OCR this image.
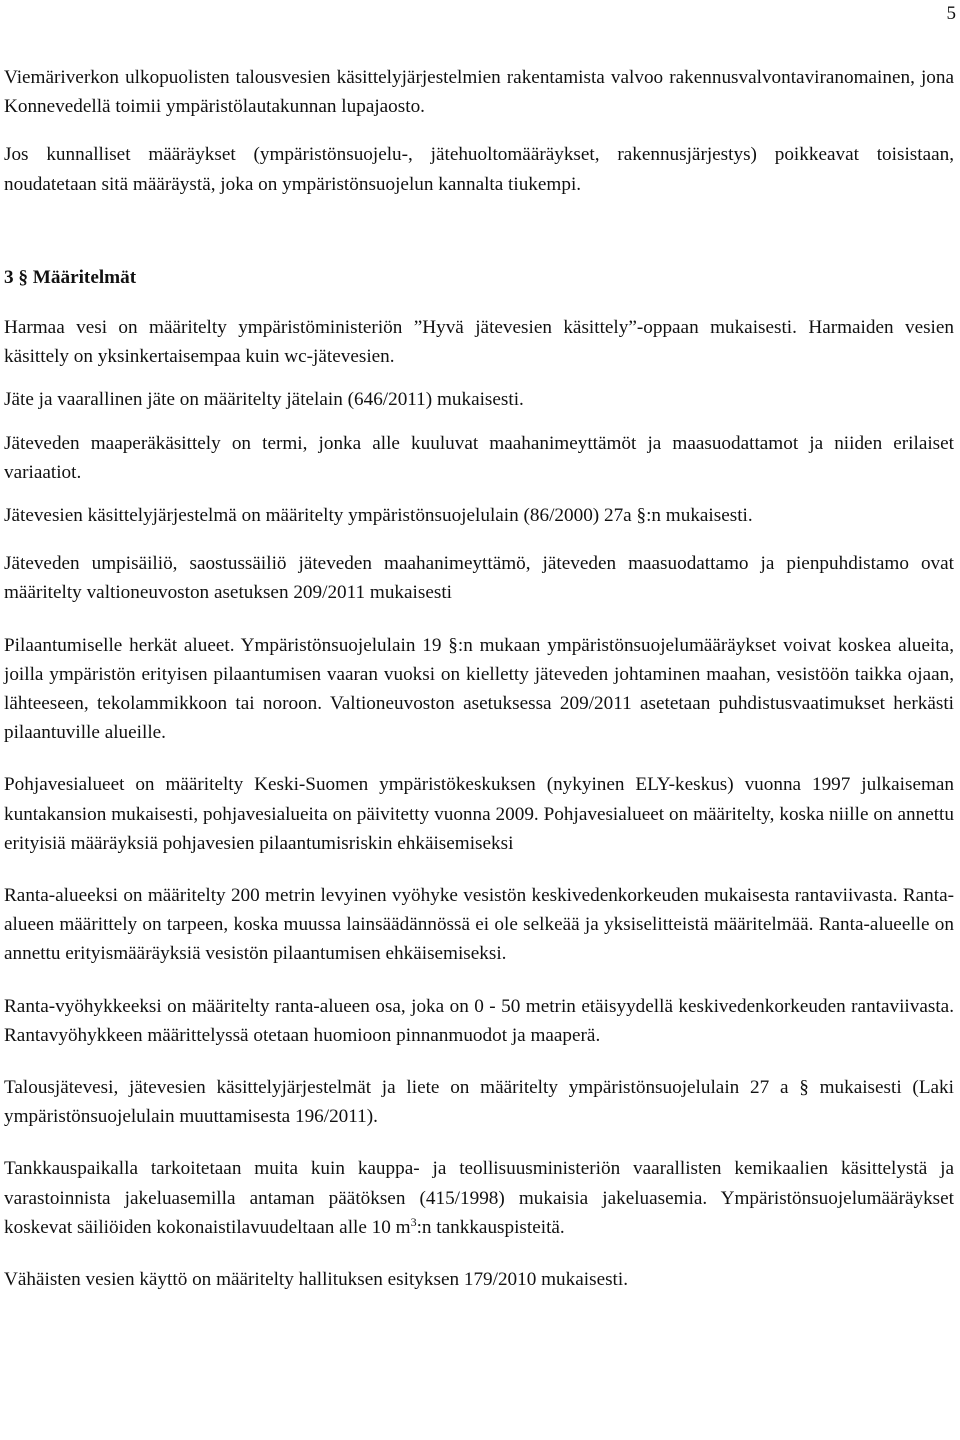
5

Viemäriverkon ulkopuolisten talousvesien käsittelyjärjestelmien rakentamista valvoo rakennusvalvontaviranomainen, jona Konnevedellä toimii ympäristölautakunnan lupajaosto.

Jos kunnalliset määräykset (ympäristönsuojelu-, jätehuoltomääräykset, rakennusjärjestys) poikkeavat toisistaan, noudatetaan sitä määräystä, joka on ympäristönsuojelun kannalta tiukempi.

3 § Määritelmät

Harmaa vesi on määritelty ympäristöministeriön ”Hyvä jätevesien käsittely”-oppaan mukaisesti. Harmaiden vesien käsittely on yksinkertaisempaa kuin wc-jätevesien.

Jäte ja vaarallinen jäte on määritelty jätelain (646/2011) mukaisesti.

Jäteveden maaperäkäsittely on termi, jonka alle kuuluvat maahanimeyttämöt ja maasuodattamot ja niiden erilaiset variaatiot.

Jätevesien käsittelyjärjestelmä on määritelty ympäristönsuojelulain (86/2000) 27a §:n mukaisesti.

Jäteveden umpisäiliö, saostussäiliö jäteveden maahanimeyttämö, jäteveden maasuodattamo ja pienpuhdistamo ovat määritelty valtioneuvoston asetuksen 209/2011 mukaisesti

Pilaantumiselle herkät alueet. Ympäristönsuojelulain 19 §:n mukaan ympäristönsuojelumääräykset voivat koskea alueita, joilla ympäristön erityisen pilaantumisen vaaran vuoksi on kielletty jäteveden johtaminen maahan, vesistöön taikka ojaan, lähteeseen, tekolammikkoon tai noroon. Valtioneuvoston asetuksessa 209/2011 asetetaan puhdistusvaatimukset herkästi pilaantuville alueille.

Pohjavesialueet on määritelty Keski-Suomen ympäristökeskuksen (nykyinen ELY-keskus) vuonna 1997 julkaiseman kuntakansion mukaisesti, pohjavesialueita on päivitetty vuonna 2009. Pohjavesialueet on määritelty, koska niille on annettu erityisiä määräyksiä pohjavesien pilaantumisriskin ehkäisemiseksi

Ranta-alueeksi on määritelty 200 metrin levyinen vyöhyke vesistön keskivedenkorkeuden mukaisesta rantaviivasta. Ranta-alueen määrittely on tarpeen, koska muussa lainsäädännössä ei ole selkeää ja yksiselitteistä määritelmää. Ranta-alueelle on annettu erityismääräyksiä vesistön pilaantumisen ehkäisemiseksi.

Ranta-vyöhykkeeksi on määritelty ranta-alueen osa, joka on 0 - 50 metrin etäisyydellä keskivedenkorkeuden rantaviivasta. Rantavyöhykkeen määrittelyssä otetaan huomioon pinnanmuodot ja maaperä.

Talousjätevesi, jätevesien käsittelyjärjestelmät ja liete on määritelty ympäristönsuojelulain 27 a § mukaisesti (Laki ympäristönsuojelulain muuttamisesta 196/2011).

Tankkauspaikalla tarkoitetaan muita kuin kauppa- ja teollisuusministeriön vaarallisten kemikaalien käsittelystä ja varastoinnista jakeluasemilla antaman päätöksen (415/1998) mukaisia jakeluasemia. Ympäristönsuojelumääräykset koskevat säiliöiden kokonaistilavuudeltaan alle 10 $m^3:n$ tankkauspisteitä.

Vähäisten vesien käyttö on määritelty hallituksen esityksen 179/2010 mukaisesti.
